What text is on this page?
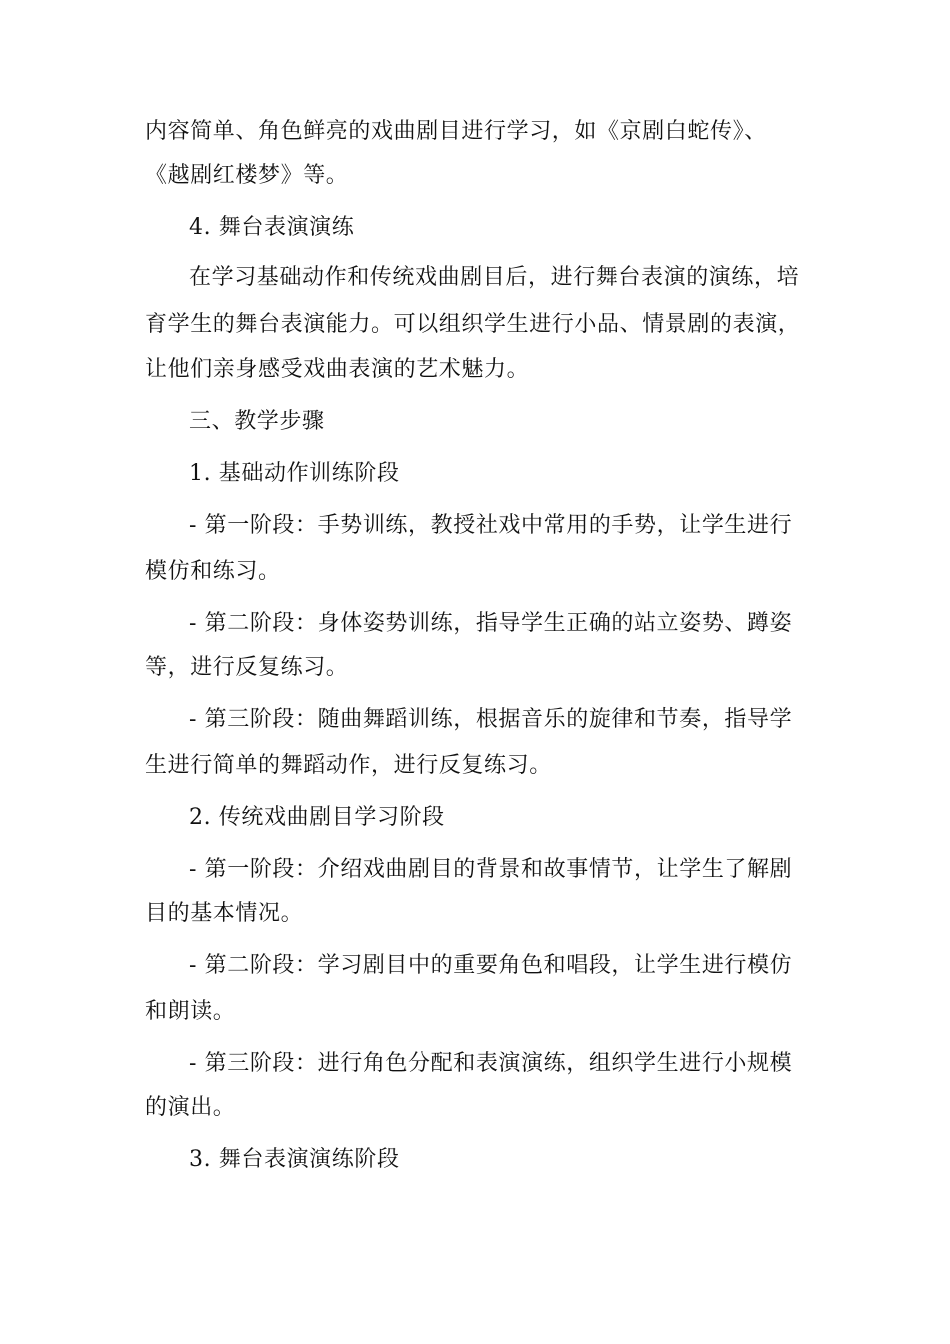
内容简单、角色鲜亮的戏曲剧目进行学习，如《京剧白蛇传》、
《越剧红楼梦》等。
4. 舞台表演演练
在学习基础动作和传统戏曲剧目后，进行舞台表演的演练，培
育学生的舞台表演能力。可以组织学生进行小品、情景剧的表演，
让他们亲身感受戏曲表演的艺术魅力。
三、教学步骤
1. 基础动作训练阶段
- 第一阶段：手势训练，教授社戏中常用的手势，让学生进行
模仿和练习。
- 第二阶段：身体姿势训练，指导学生正确的站立姿势、蹲姿
等，进行反复练习。
- 第三阶段：随曲舞蹈训练，根据音乐的旋律和节奏，指导学
生进行简单的舞蹈动作，进行反复练习。
2. 传统戏曲剧目学习阶段
- 第一阶段：介绍戏曲剧目的背景和故事情节，让学生了解剧
目的基本情况。
- 第二阶段：学习剧目中的重要角色和唱段，让学生进行模仿
和朗读。
- 第三阶段：进行角色分配和表演演练，组织学生进行小规模
的演出。
3. 舞台表演演练阶段
